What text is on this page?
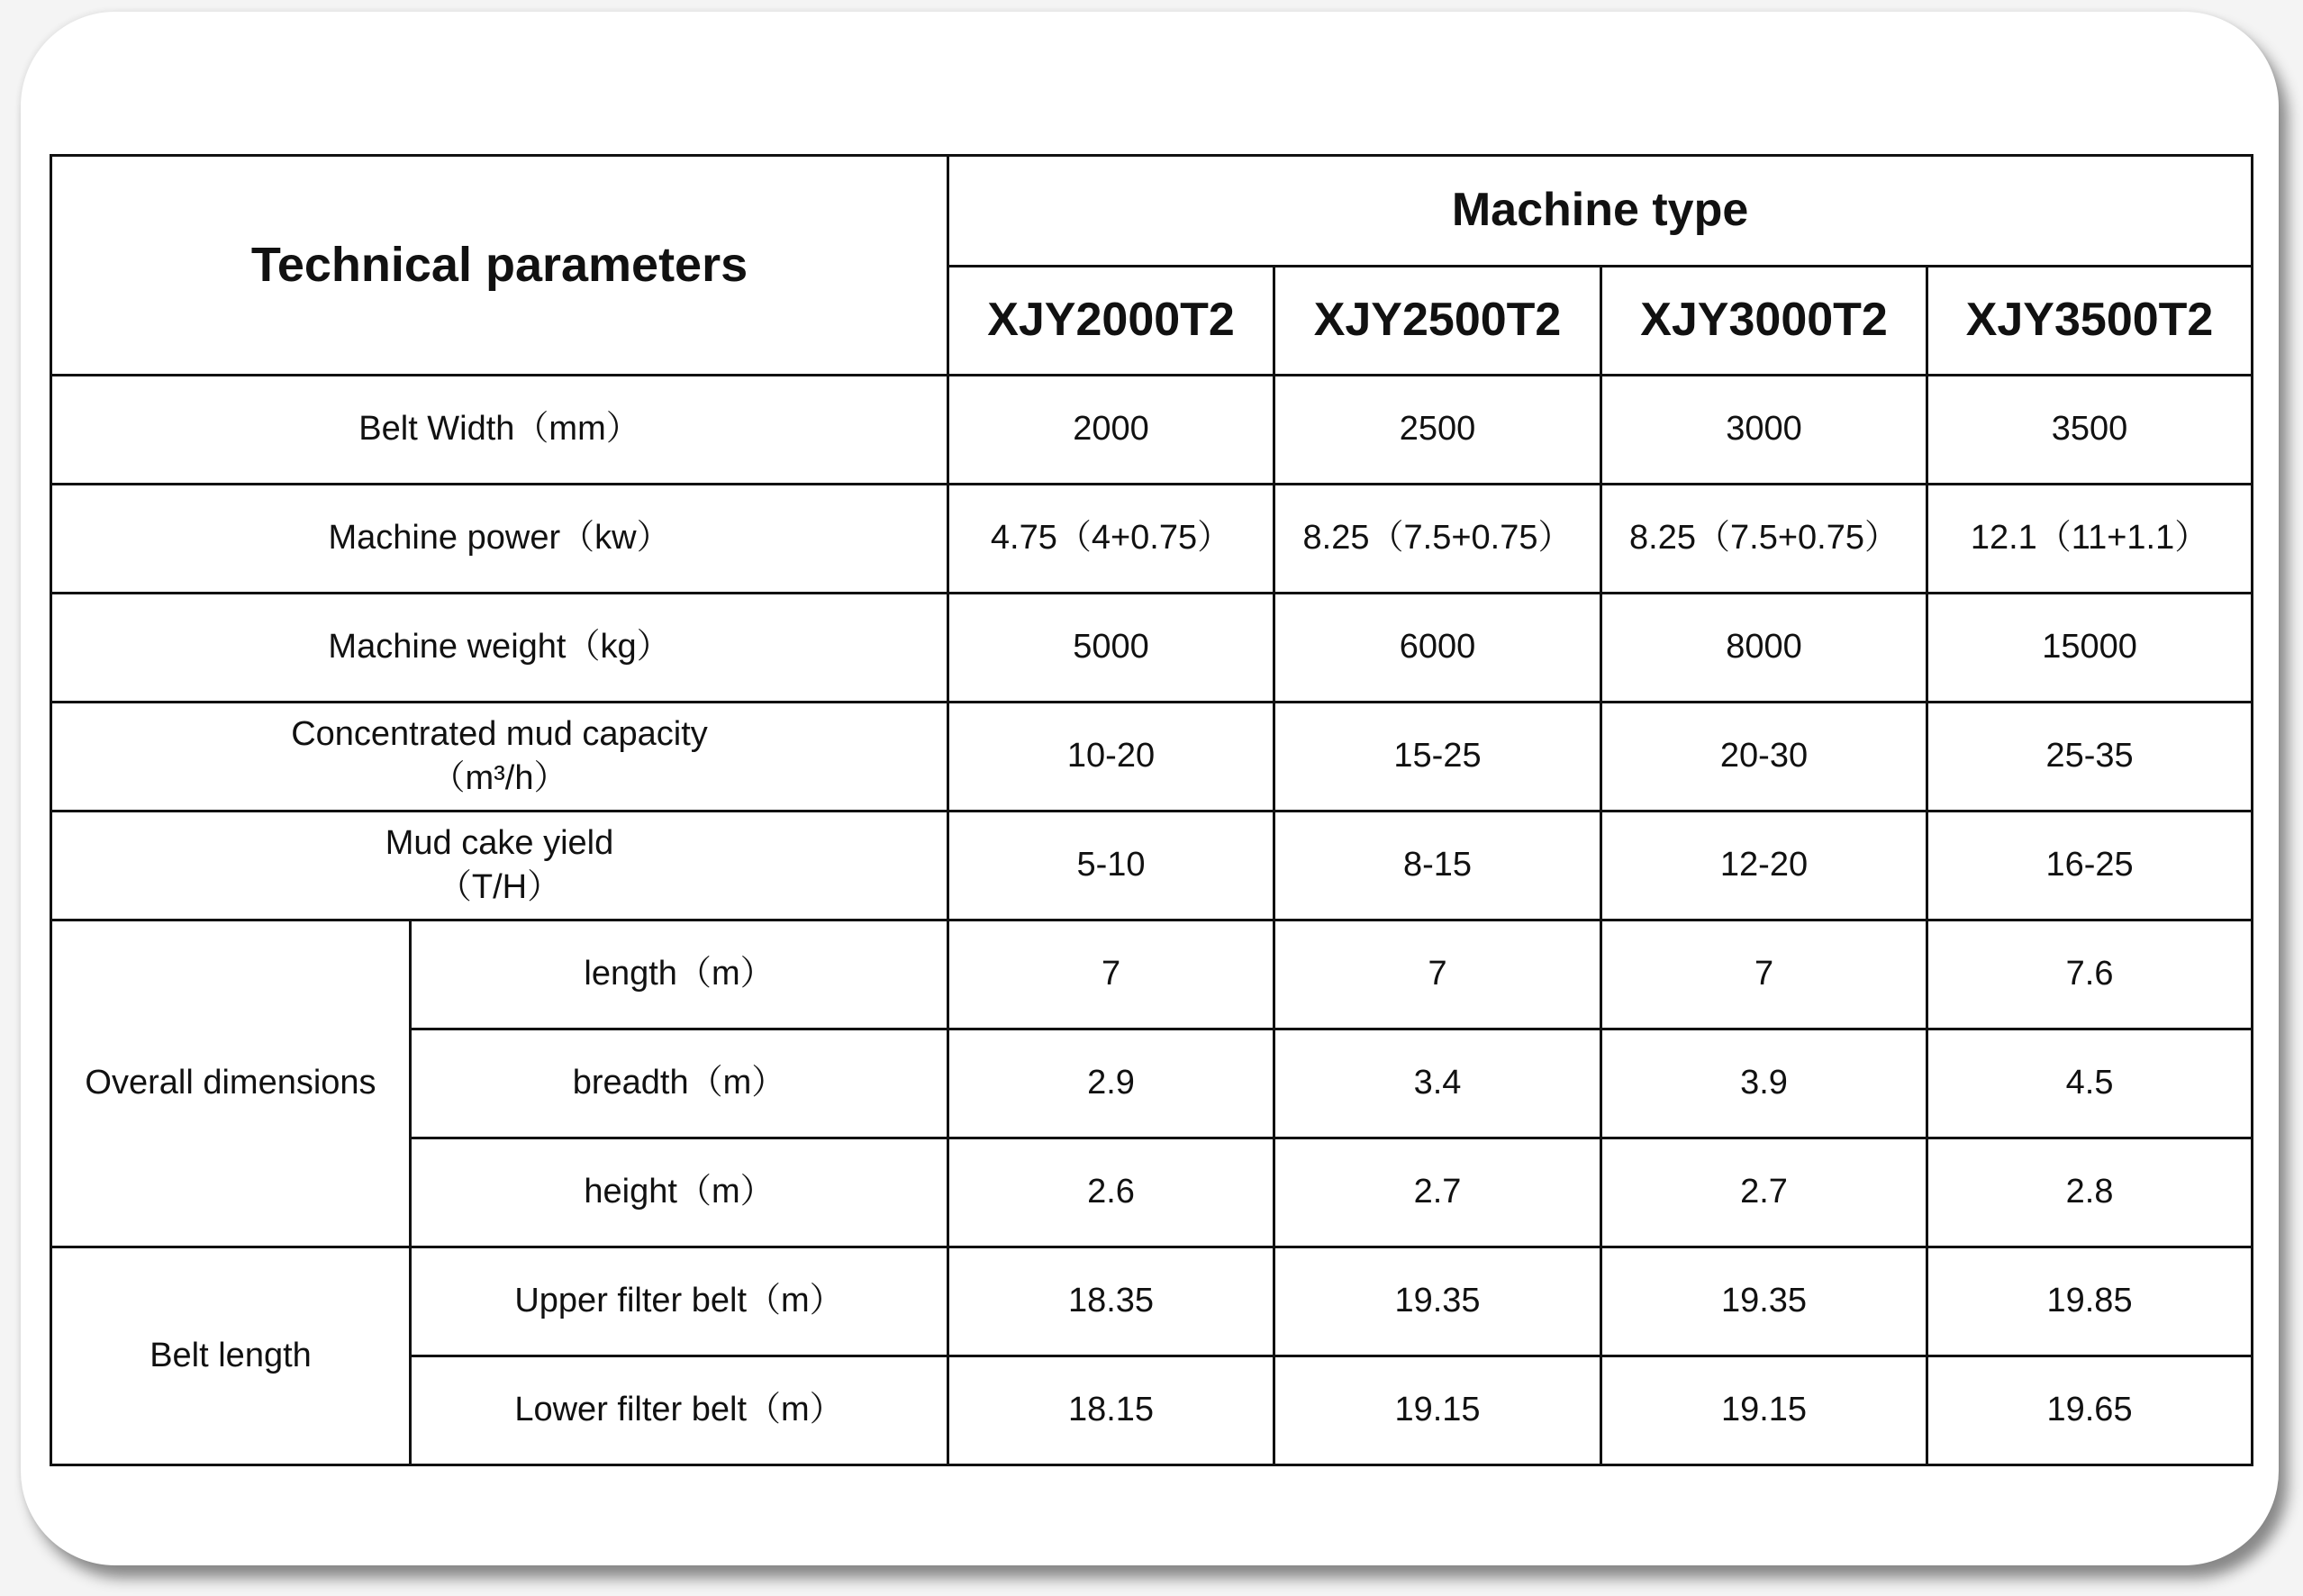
Technical parameters		Machine type			
		XJY2000T2	XJY2500T2	XJY3000T2	XJY3500T2

Belt Width（mm）		2000	2500	3000	3500

Machine power（kw）		4.75（4+0.75）	8.25（7.5+0.75）	8.25（7.5+0.75）	12.1（11+1.1）

Machine weight（kg）		5000	6000	8000	15000

Concentrated mud capacity
（m³/h）		10-20	15-25	20-30	25-35

Mud cake yield
（T/H）		5-10	8-15	12-20	16-25
Overall dimensions	length（m）	7	7	7	7.6
	breadth（m）	2.9	3.4	3.9	4.5
	height（m）	2.6	2.7	2.7	2.8
Belt length	Upper filter belt（m）	18.35	19.35	19.35	19.85
	Lower filter belt（m）	18.15	19.15	19.15	19.65
